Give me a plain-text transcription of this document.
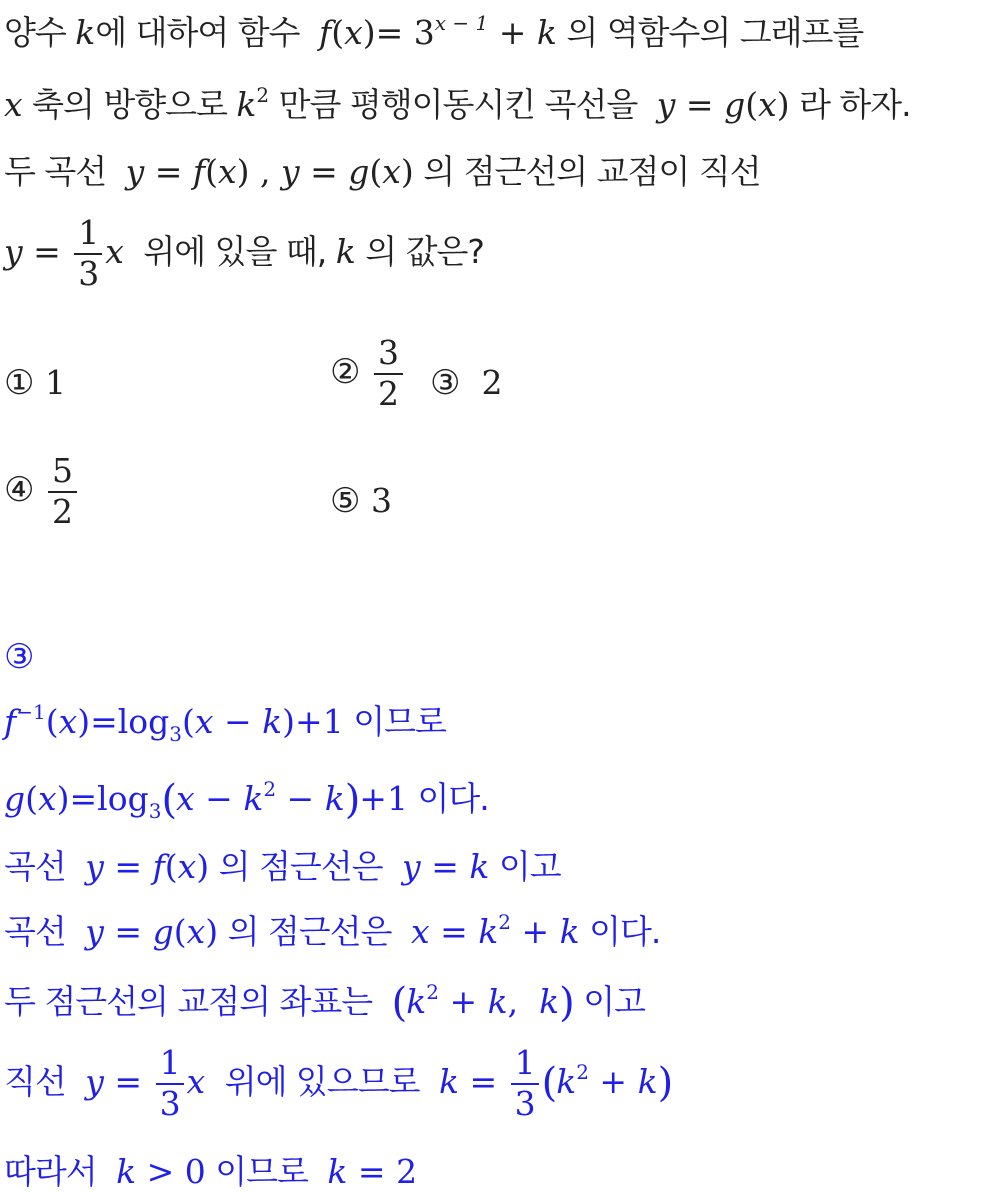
양수 k에 대하여 함수 $f(x)= 3^{x - 1} + k$ 의 역함수의 그래프를
x 축의 방향으로 $k^2$ 만큼 평행이동시킨 곡선을 y = g(x) 라 하자.
두 곡선 y = f(x) , y = g(x) 의 점근선의 교점이 직선
$y = \frac{1}{3}$ x 위에 있을 때, k 의 값은?
① 1	② $\frac{3}{2}$ ③ 2
④ $\frac{5}{2}$	⑤ 3
③
$f^{-1}(x)=\log_3(x - k)+1$ 이므로
$g(x)=\log_3(x - k^2 - k)+1$ 이다.
곡선 y = f(x) 의 점근선은 y = k 이고
곡선 y = g(x) 의 점근선은 $x = k^2 + k$ 이다.
두 점근선의 교점의 좌표는 ($k^2 + k$,  k) 이고
직선 $y = \frac{1}{3}$ x 위에 있으므로 $k = \frac{1}{3} (k^2 + k)$
따라서 k > 0 이므로 k = 2
